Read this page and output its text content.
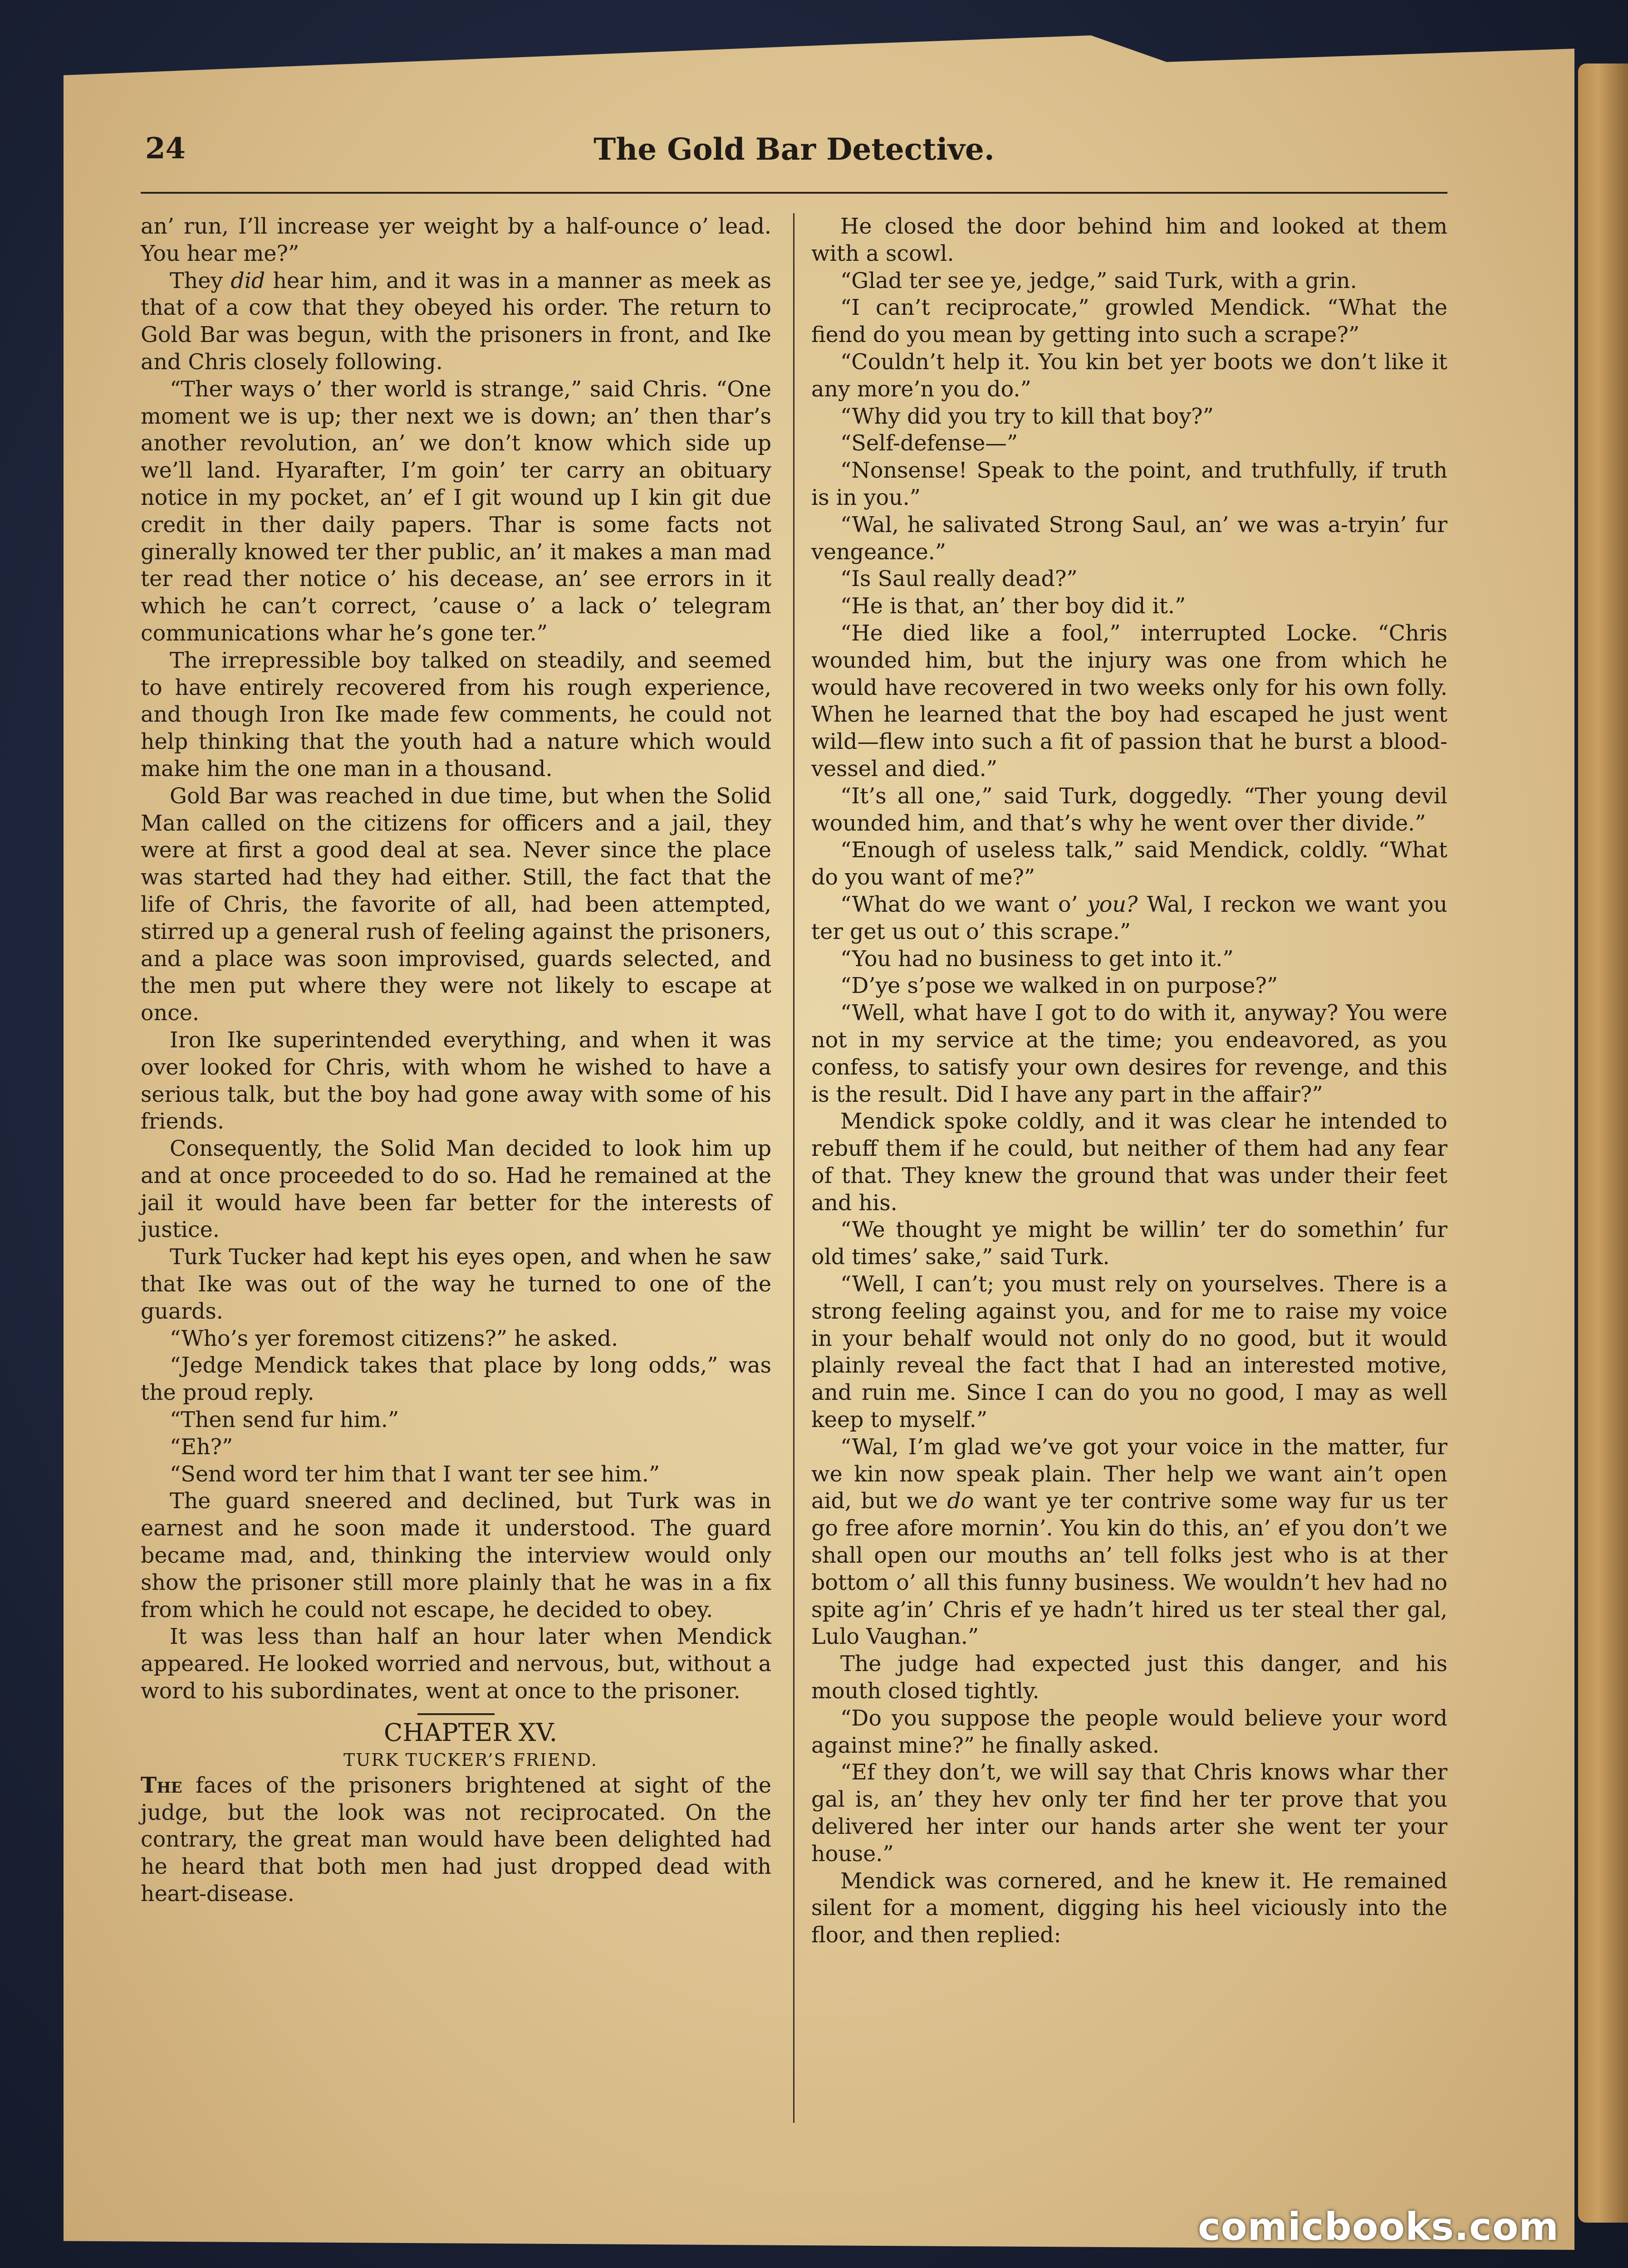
24	The Gold Bar Detective.

an’ run, I’ll increase yer weight by a half-ounce o’ lead. You hear me?”

They did hear him, and it was in a manner as meek as that of a cow that they obeyed his order. The return to Gold Bar was begun, with the prisoners in front, and Ike and Chris closely following.

“Ther ways o’ ther world is strange,” said Chris. “One moment we is up; ther next we is down; an’ then thar’s another revolution, an’ we don’t know which side up we’ll land. Hyarafter, I’m goin’ ter carry an obituary notice in my pocket, an’ ef I git wound up I kin git due credit in ther daily papers. Thar is some facts not ginerally knowed ter ther public, an’ it makes a man mad ter read ther notice o’ his decease, an’ see errors in it which he can’t correct, ’cause o’ a lack o’ telegram communications whar he’s gone ter.”

The irrepressible boy talked on steadily, and seemed to have entirely recovered from his rough experience, and though Iron Ike made few comments, he could not help thinking that the youth had a nature which would make him the one man in a thousand.

Gold Bar was reached in due time, but when the Solid Man called on the citizens for officers and a jail, they were at first a good deal at sea. Never since the place was started had they had either. Still, the fact that the life of Chris, the favorite of all, had been attempted, stirred up a general rush of feeling against the prisoners, and a place was soon improvised, guards selected, and the men put where they were not likely to escape at once.

Iron Ike superintended everything, and when it was over looked for Chris, with whom he wished to have a serious talk, but the boy had gone away with some of his friends.

Consequently, the Solid Man decided to look him up and at once proceeded to do so. Had he remained at the jail it would have been far better for the interests of justice.

Turk Tucker had kept his eyes open, and when he saw that Ike was out of the way he turned to one of the guards.

“Who’s yer foremost citizens?” he asked.

“Jedge Mendick takes that place by long odds,” was the proud reply.

“Then send fur him.”

“Eh?”

“Send word ter him that I want ter see him.”

The guard sneered and declined, but Turk was in earnest and he soon made it understood. The guard became mad, and, thinking the interview would only show the prisoner still more plainly that he was in a fix from which he could not escape, he decided to obey.

It was less than half an hour later when Mendick appeared. He looked worried and nervous, but, without a word to his subordinates, went at once to the prisoner.

CHAPTER XV.

TURK TUCKER’S FRIEND.

The faces of the prisoners brightened at sight of the judge, but the look was not reciprocated. On the contrary, the great man would have been delighted had he heard that both men had just dropped dead with heart-disease.

He closed the door behind him and looked at them with a scowl.

“Glad ter see ye, jedge,” said Turk, with a grin.

“I can’t reciprocate,” growled Mendick. “What the fiend do you mean by getting into such a scrape?”

“Couldn’t help it. You kin bet yer boots we don’t like it any more’n you do.”

“Why did you try to kill that boy?”

“Self-defense—”

“Nonsense! Speak to the point, and truthfully, if truth is in you.”

“Wal, he salivated Strong Saul, an’ we was a-tryin’ fur vengeance.”

“Is Saul really dead?”

“He is that, an’ ther boy did it.”

“He died like a fool,” interrupted Locke. “Chris wounded him, but the injury was one from which he would have recovered in two weeks only for his own folly. When he learned that the boy had escaped he just went wild—flew into such a fit of passion that he burst a blood-vessel and died.”

“It’s all one,” said Turk, doggedly. “Ther young devil wounded him, and that’s why he went over ther divide.”

“Enough of useless talk,” said Mendick, coldly. “What do you want of me?”

“What do we want o’ you? Wal, I reckon we want you ter get us out o’ this scrape.”

“You had no business to get into it.”

“D’ye s’pose we walked in on purpose?”

“Well, what have I got to do with it, anyway? You were not in my service at the time; you endeavored, as you confess, to satisfy your own desires for revenge, and this is the result. Did I have any part in the affair?”

Mendick spoke coldly, and it was clear he intended to rebuff them if he could, but neither of them had any fear of that. They knew the ground that was under their feet and his.

“We thought ye might be willin’ ter do somethin’ fur old times’ sake,” said Turk.

“Well, I can’t; you must rely on yourselves. There is a strong feeling against you, and for me to raise my voice in your behalf would not only do no good, but it would plainly reveal the fact that I had an interested motive, and ruin me. Since I can do you no good, I may as well keep to myself.”

“Wal, I’m glad we’ve got your voice in the matter, fur we kin now speak plain. Ther help we want ain’t open aid, but we do want ye ter contrive some way fur us ter go free afore mornin’. You kin do this, an’ ef you don’t we shall open our mouths an’ tell folks jest who is at ther bottom o’ all this funny business. We wouldn’t hev had no spite ag’in’ Chris ef ye hadn’t hired us ter steal ther gal, Lulo Vaughan.”

The judge had expected just this danger, and his mouth closed tightly.

“Do you suppose the people would believe your word against mine?” he finally asked.

“Ef they don’t, we will say that Chris knows whar ther gal is, an’ they hev only ter find her ter prove that you delivered her inter our hands arter she went ter your house.”

Mendick was cornered, and he knew it. He remained silent for a moment, digging his heel viciously into the floor, and then replied:

comicbooks.com
